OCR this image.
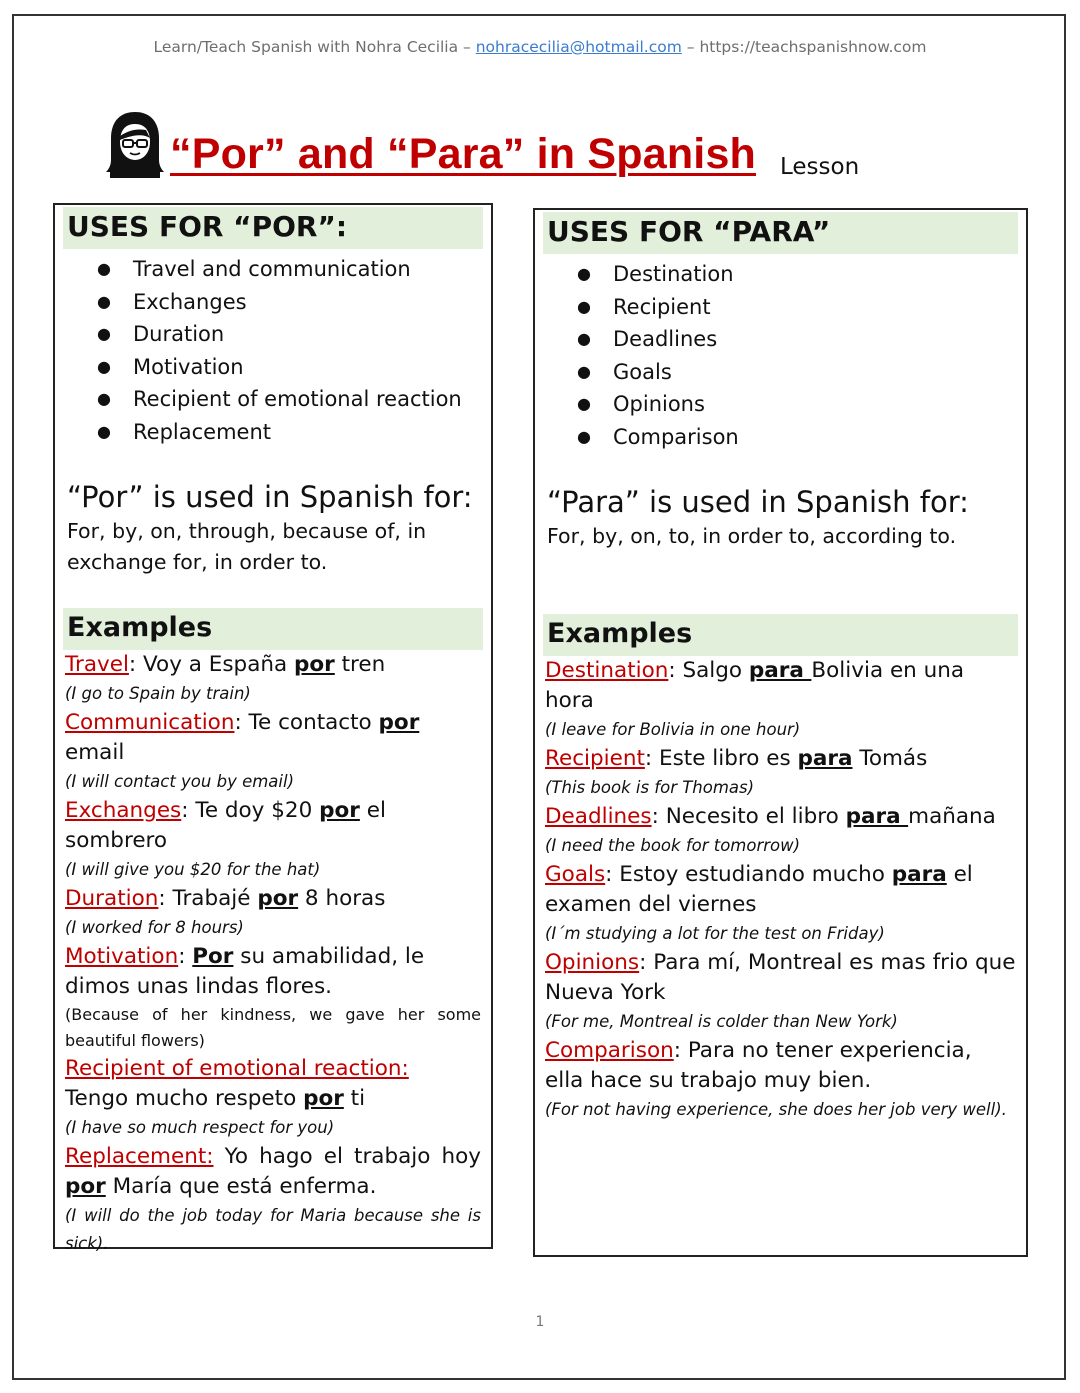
Learn/Teach Spanish with Nohra Cecilia – nohracecilia@hotmail.com – https://teachspanishnow.com
“Por” and “Para” in Spanish Lesson
USES FOR “POR”:
● Travel and communication
● Exchanges
● Duration
● Motivation
● Recipient of emotional reaction
● Replacement
“Por” is used in Spanish for:
For, by, on, through, because of, in exchange for, in order to.
Examples
Travel: Voy a España por tren
(I go to Spain by train)
Communication: Te contacto por email
(I will contact you by email)
Exchanges: Te doy $20 por el sombrero
(I will give you $20 for the hat)
Duration: Trabajé por 8 horas
(I worked for 8 hours)
Motivation: Por su amabilidad, le dimos unas lindas flores.
(Because of her kindness, we gave her some beautiful flowers)
Recipient of emotional reaction:
Tengo mucho respeto por ti
(I have so much respect for you)
Replacement: Yo hago el trabajo hoy por María que está enferma.
(I will do the job today for Maria because she is sick).
USES FOR “PARA”
● Destination
● Recipient
● Deadlines
● Goals
● Opinions
● Comparison
“Para” is used in Spanish for:
For, by, on, to, in order to, according to.
Examples
Destination: Salgo para Bolivia en una hora
(I leave for Bolivia in one hour)
Recipient: Este libro es para Tomás
(This book is for Thomas)
Deadlines: Necesito el libro para mañana
(I need the book for tomorrow)
Goals: Estoy estudiando mucho para el examen del viernes
(I´m studying a lot for the test on Friday)
Opinions: Para mí, Montreal es mas frio que Nueva York
(For me, Montreal is colder than New York)
Comparison: Para no tener experiencia, ella hace su trabajo muy bien.
(For not having experience, she does her job very well).
1
